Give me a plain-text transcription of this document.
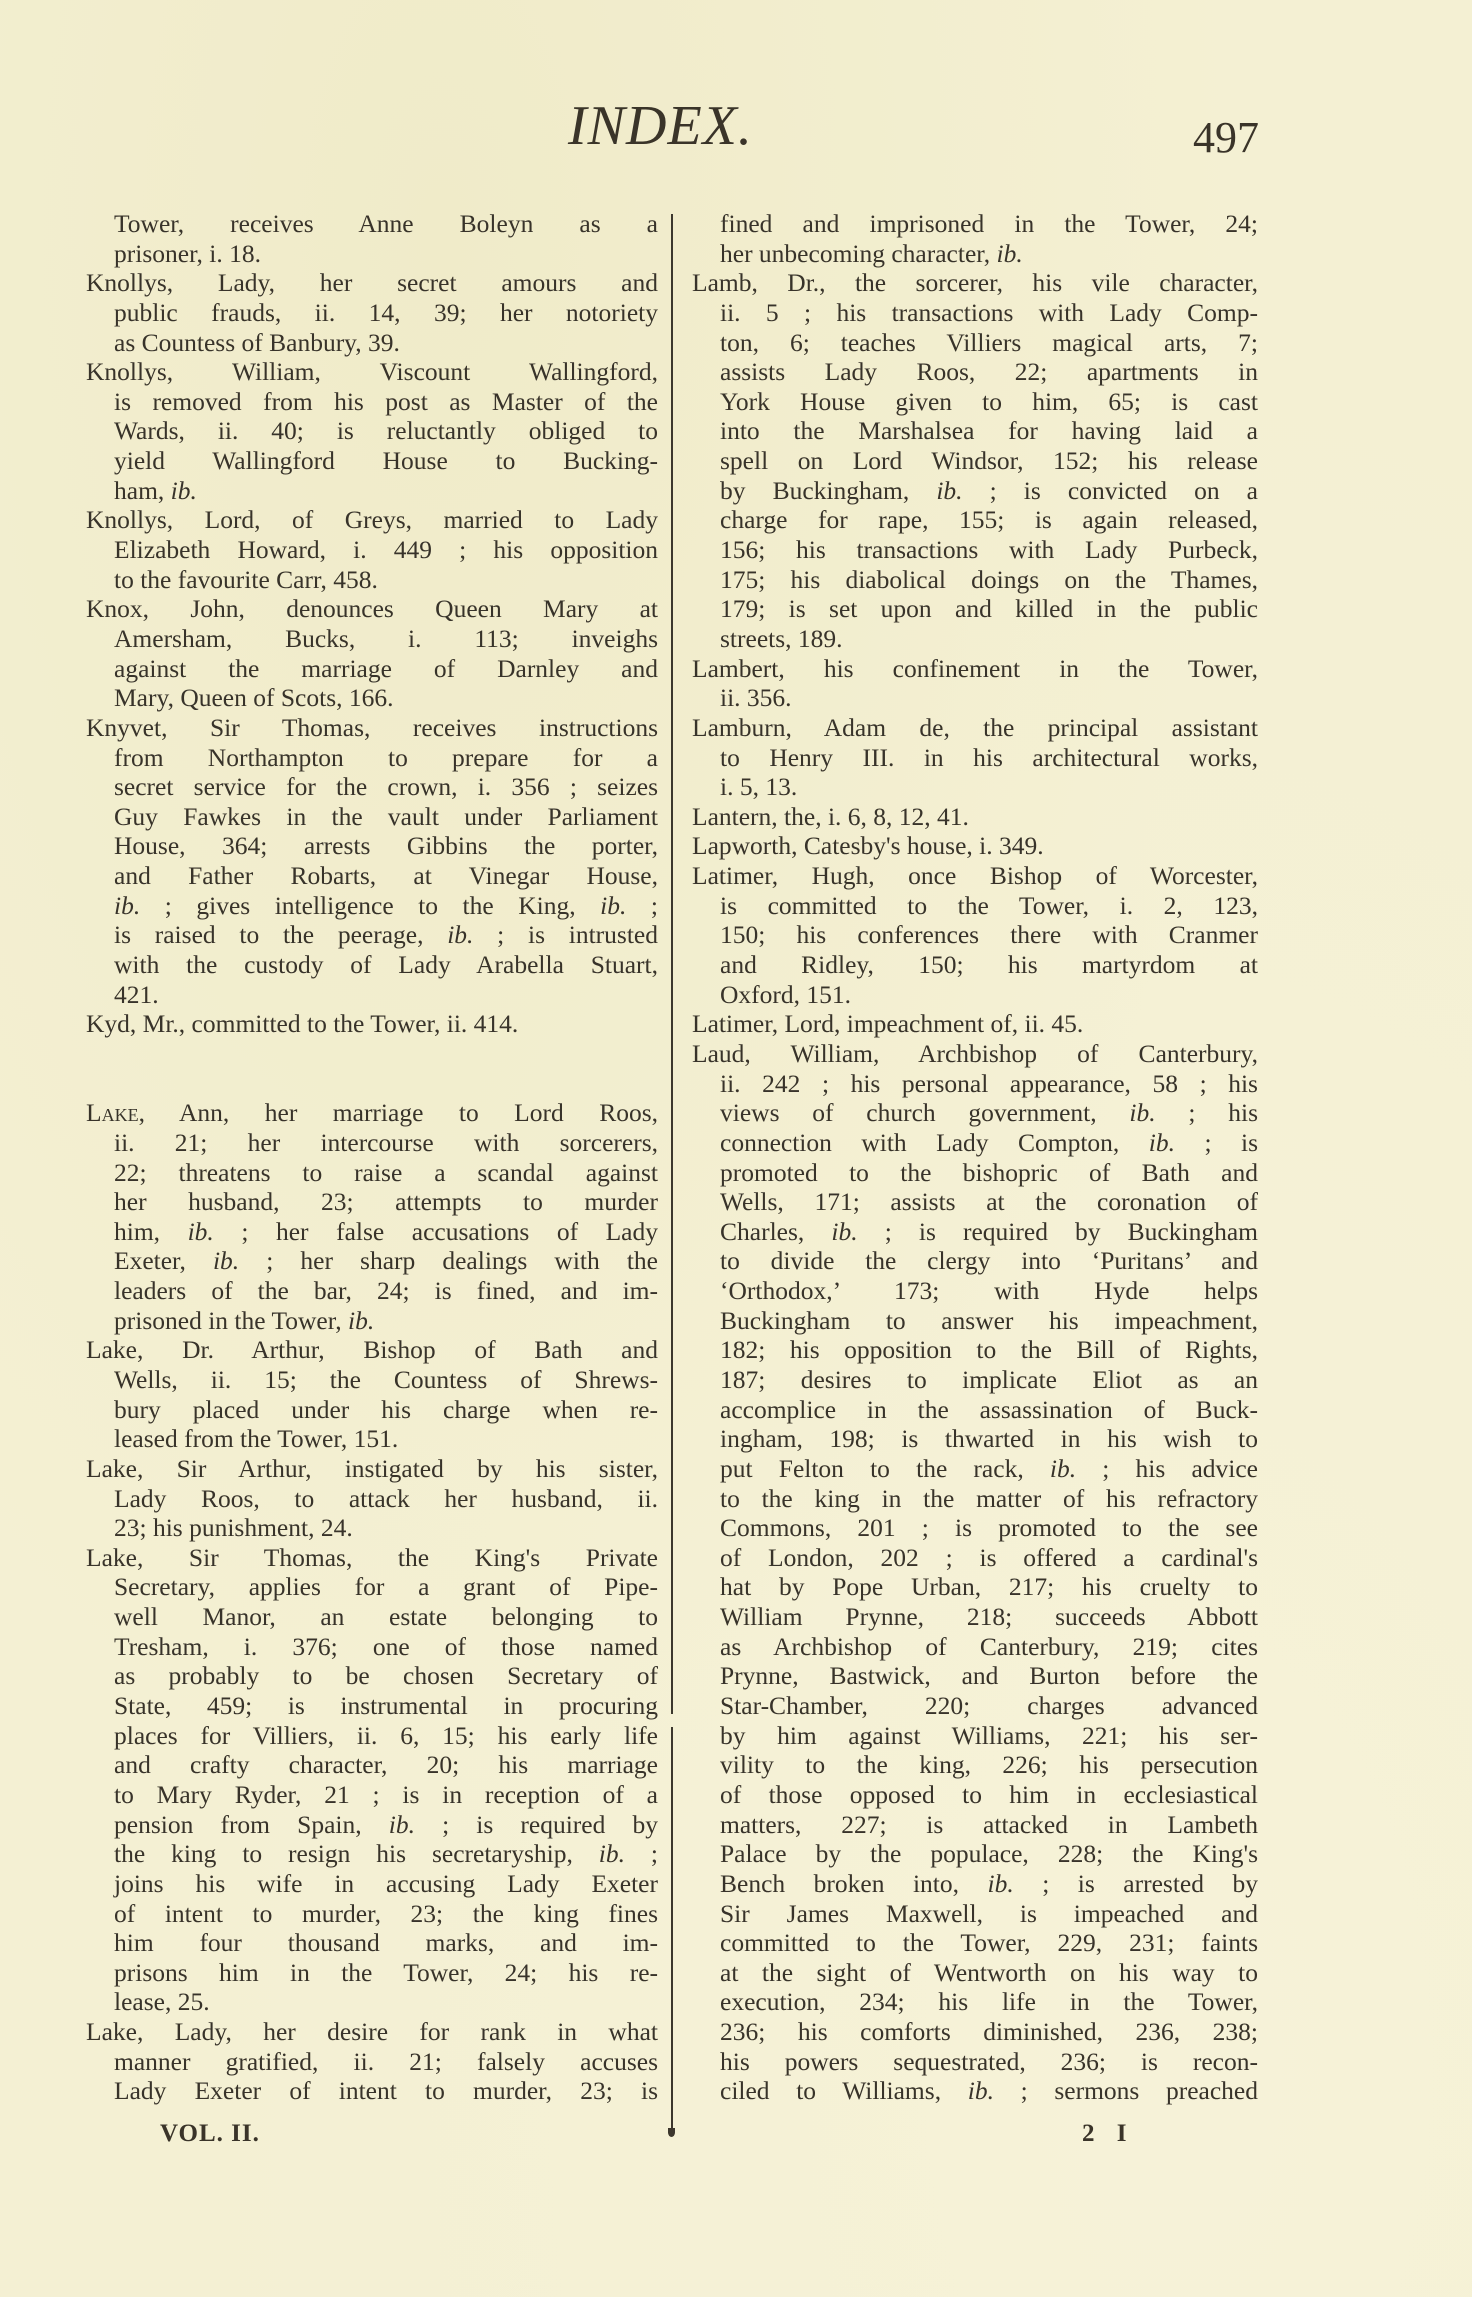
INDEX.	497
Tower, receives Anne Boleyn as a
prisoner, i. 18.
Knollys, Lady, her secret amours and
public frauds, ii. 14, 39; her notoriety
as Countess of Banbury, 39.
Knollys, William, Viscount Wallingford,
is removed from his post as Master of the
Wards, ii. 40; is reluctantly obliged to
yield Wallingford House to Bucking-
ham, ib.
Knollys, Lord, of Greys, married to Lady
Elizabeth Howard, i. 449 ; his opposition
to the favourite Carr, 458.
Knox, John, denounces Queen Mary at
Amersham, Bucks, i. 113; inveighs
against the marriage of Darnley and
Mary, Queen of Scots, 166.
Knyvet, Sir Thomas, receives instructions
from Northampton to prepare for a
secret service for the crown, i. 356 ; seizes
Guy Fawkes in the vault under Parliament
House, 364; arrests Gibbins the porter,
and Father Robarts, at Vinegar House,
ib. ; gives intelligence to the King, ib. ;
is raised to the peerage, ib. ; is intrusted
with the custody of Lady Arabella Stuart,
421.
Kyd, Mr., committed to the Tower, ii. 414.

Lake, Ann, her marriage to Lord Roos,
ii. 21; her intercourse with sorcerers,
22; threatens to raise a scandal against
her husband, 23; attempts to murder
him, ib. ; her false accusations of Lady
Exeter, ib. ; her sharp dealings with the
leaders of the bar, 24; is fined, and im-
prisoned in the Tower, ib.
Lake, Dr. Arthur, Bishop of Bath and
Wells, ii. 15; the Countess of Shrews-
bury placed under his charge when re-
leased from the Tower, 151.
Lake, Sir Arthur, instigated by his sister,
Lady Roos, to attack her husband, ii.
23; his punishment, 24.
Lake, Sir Thomas, the King's Private
Secretary, applies for a grant of Pipe-
well Manor, an estate belonging to
Tresham, i. 376; one of those named
as probably to be chosen Secretary of
State, 459; is instrumental in procuring
places for Villiers, ii. 6, 15; his early life
and crafty character, 20; his marriage
to Mary Ryder, 21 ; is in reception of a
pension from Spain, ib. ; is required by
the king to resign his secretaryship, ib. ;
joins his wife in accusing Lady Exeter
of intent to murder, 23; the king fines
him four thousand marks, and im-
prisons him in the Tower, 24; his re-
lease, 25.
Lake, Lady, her desire for rank in what
manner gratified, ii. 21; falsely accuses
Lady Exeter of intent to murder, 23; is
fined and imprisoned in the Tower, 24;
her unbecoming character, ib.
Lamb, Dr., the sorcerer, his vile character,
ii. 5 ; his transactions with Lady Comp-
ton, 6; teaches Villiers magical arts, 7;
assists Lady Roos, 22; apartments in
York House given to him, 65; is cast
into the Marshalsea for having laid a
spell on Lord Windsor, 152; his release
by Buckingham, ib. ; is convicted on a
charge for rape, 155; is again released,
156; his transactions with Lady Purbeck,
175; his diabolical doings on the Thames,
179; is set upon and killed in the public
streets, 189.
Lambert, his confinement in the Tower,
ii. 356.
Lamburn, Adam de, the principal assistant
to Henry III. in his architectural works,
i. 5, 13.
Lantern, the, i. 6, 8, 12, 41.
Lapworth, Catesby's house, i. 349.
Latimer, Hugh, once Bishop of Worcester,
is committed to the Tower, i. 2, 123,
150; his conferences there with Cranmer
and Ridley, 150; his martyrdom at
Oxford, 151.
Latimer, Lord, impeachment of, ii. 45.
Laud, William, Archbishop of Canterbury,
ii. 242 ; his personal appearance, 58 ; his
views of church government, ib. ; his
connection with Lady Compton, ib. ; is
promoted to the bishopric of Bath and
Wells, 171; assists at the coronation of
Charles, ib. ; is required by Buckingham
to divide the clergy into ‘Puritans’ and
‘Orthodox,’ 173; with Hyde helps
Buckingham to answer his impeachment,
182; his opposition to the Bill of Rights,
187; desires to implicate Eliot as an
accomplice in the assassination of Buck-
ingham, 198; is thwarted in his wish to
put Felton to the rack, ib. ; his advice
to the king in the matter of his refractory
Commons, 201 ; is promoted to the see
of London, 202 ; is offered a cardinal's
hat by Pope Urban, 217; his cruelty to
William Prynne, 218; succeeds Abbott
as Archbishop of Canterbury, 219; cites
Prynne, Bastwick, and Burton before the
Star-Chamber, 220; charges advanced
by him against Williams, 221; his ser-
vility to the king, 226; his persecution
of those opposed to him in ecclesiastical
matters, 227; is attacked in Lambeth
Palace by the populace, 228; the King's
Bench broken into, ib. ; is arrested by
Sir James Maxwell, is impeached and
committed to the Tower, 229, 231; faints
at the sight of Wentworth on his way to
execution, 234; his life in the Tower,
236; his comforts diminished, 236, 238;
his powers sequestrated, 236; is recon-
ciled to Williams, ib. ; sermons preached
VOL. II.	2 I
